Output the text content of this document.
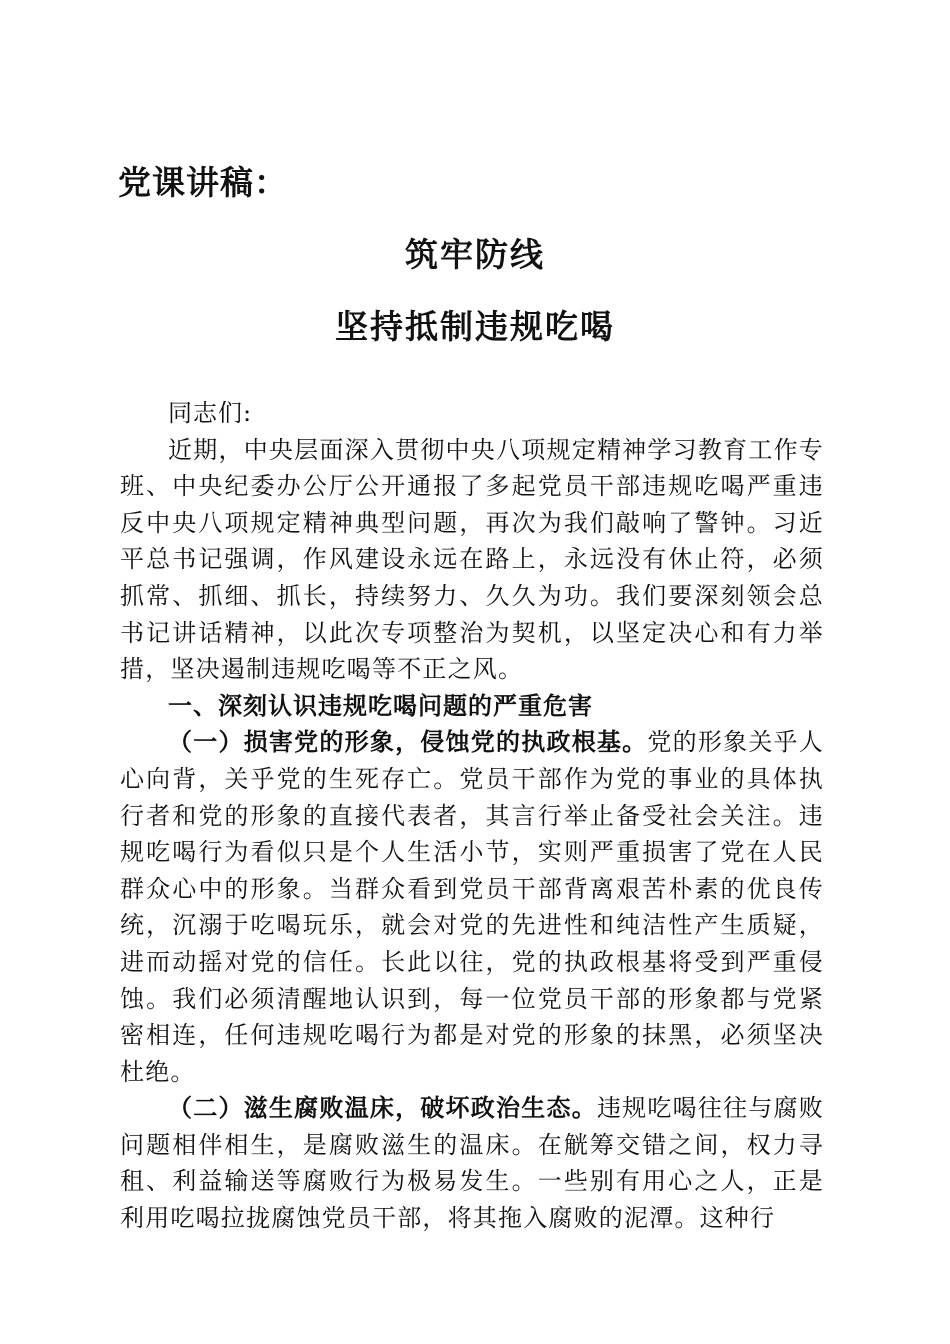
党课讲稿：
筑牢防线
坚持抵制违规吃喝

同志们:

近期，中央层面深入贯彻中央八项规定精神学习教育工作专班、中央纪委办公厅公开通报了多起党员干部违规吃喝严重违反中央八项规定精神典型问题，再次为我们敲响了警钟。习近平总书记强调，作风建设永远在路上，永远没有休止符，必须抓常、抓细、抓长，持续努力、久久为功。我们要深刻领会总书记讲话精神，以此次专项整治为契机，以坚定决心和有力举措，坚决遏制违规吃喝等不正之风。

一、深刻认识违规吃喝问题的严重危害

（一）损害党的形象，侵蚀党的执政根基。党的形象关乎人心向背，关乎党的生死存亡。党员干部作为党的事业的具体执行者和党的形象的直接代表者，其言行举止备受社会关注。违规吃喝行为看似只是个人生活小节，实则严重损害了党在人民群众心中的形象。当群众看到党员干部背离艰苦朴素的优良传统，沉溺于吃喝玩乐，就会对党的先进性和纯洁性产生质疑，进而动摇对党的信任。长此以往，党的执政根基将受到严重侵蚀。我们必须清醒地认识到，每一位党员干部的形象都与党紧密相连，任何违规吃喝行为都是对党的形象的抹黑，必须坚决杜绝。

（二）滋生腐败温床，破坏政治生态。违规吃喝往往与腐败问题相伴相生，是腐败滋生的温床。在觥筹交错之间，权力寻租、利益输送等腐败行为极易发生。一些别有用心之人，正是利用吃喝拉拢腐蚀党员干部，将其拖入腐败的泥潭。这种行
